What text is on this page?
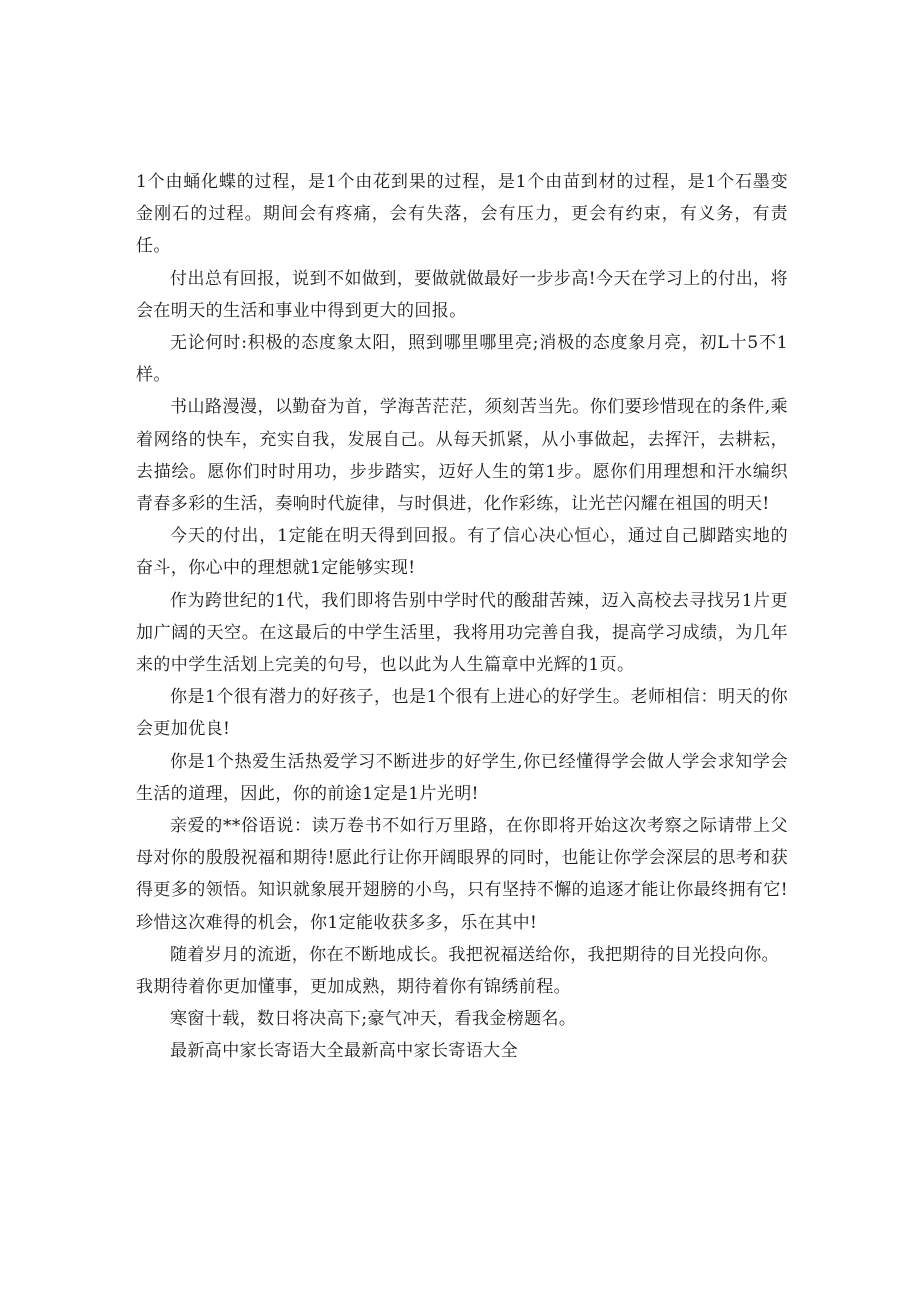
1个由蛹化蝶的过程，是1个由花到果的过程，是1个由苗到材的过程，是1个石墨变金刚石的过程。期间会有疼痛，会有失落，会有压力，更会有约束，有义务，有责任。

付出总有回报，说到不如做到，要做就做最好一步步高!今天在学习上的付出，将会在明天的生活和事业中得到更大的回报。

无论何时:积极的态度象太阳，照到哪里哪里亮;消极的态度象月亮，初L十5不1样。

书山路漫漫，以勤奋为首，学海苦茫茫，须刻苦当先。你们要珍惜现在的条件,乘着网络的快车，充实自我，发展自己。从每天抓紧，从小事做起，去挥汗，去耕耘，去描绘。愿你们时时用功，步步踏实，迈好人生的第1步。愿你们用理想和汗水编织青春多彩的生活，奏响时代旋律，与时俱进，化作彩练，让光芒闪耀在祖国的明天!

今天的付出，1定能在明天得到回报。有了信心决心恒心，通过自己脚踏实地的奋斗，你心中的理想就1定能够实现!

作为跨世纪的1代，我们即将告别中学时代的酸甜苦辣，迈入高校去寻找另1片更加广阔的天空。在这最后的中学生活里，我将用功完善自我，提高学习成绩，为几年来的中学生活划上完美的句号，也以此为人生篇章中光辉的1页。

你是1个很有潜力的好孩子，也是1个很有上进心的好学生。老师相信：明天的你会更加优良!

你是1个热爱生活热爱学习不断进步的好学生,你已经懂得学会做人学会求知学会生活的道理，因此，你的前途1定是1片光明!

亲爱的**俗语说：读万卷书不如行万里路，在你即将开始这次考察之际请带上父母对你的殷殷祝福和期待!愿此行让你开阔眼界的同时，也能让你学会深层的思考和获得更多的领悟。知识就象展开翅膀的小鸟，只有坚持不懈的追逐才能让你最终拥有它!珍惜这次难得的机会，你1定能收获多多，乐在其中!

随着岁月的流逝，你在不断地成长。我把祝福送给你，我把期待的目光投向你。

我期待着你更加懂事，更加成熟，期待着你有锦绣前程。

寒窗十载，数日将决高下;豪气冲天，看我金榜题名。

最新高中家长寄语大全最新高中家长寄语大全
